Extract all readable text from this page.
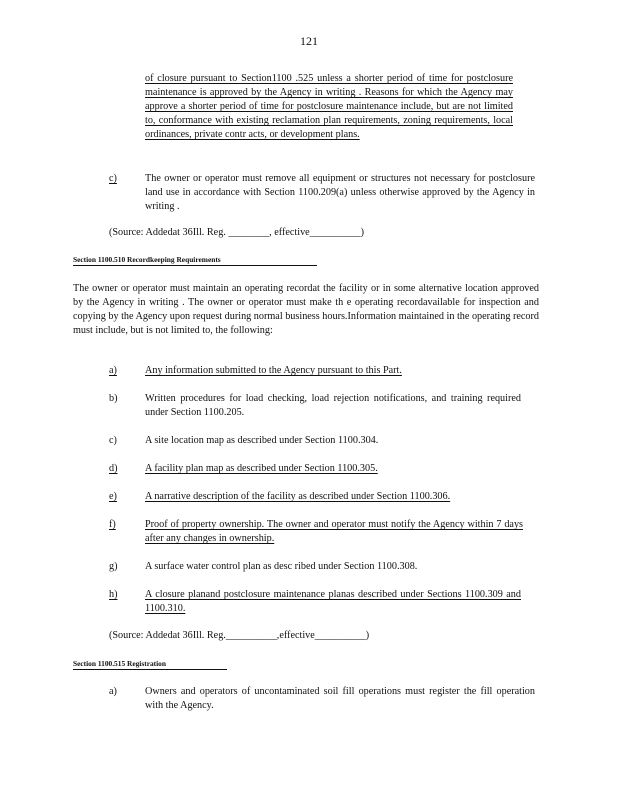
121
of closure pursuant to Section1100 .525 unless a shorter period of time for postclosure maintenance is approved by the Agency in writing . Reasons for which the Agency may approve a shorter period of time for postclosure maintenance include, but are not limited to, conformance with existing reclamation plan requirements, zoning requirements, local ordinances, private contr acts, or development plans.
c)	The owner or operator must remove all equipment or structures not necessary for postclosure land use in accordance with Section 1100.209(a) unless otherwise approved by the Agency in writing .
(Source: Addedat 36Ill. Reg. ________, effective__________)
Section 1100.510 Recordkeeping Requirements
The owner or operator must maintain an operating recordat the facility or in some alternative location approved by the Agency in writing . The owner or operator must make th e operating recordavailable for inspection and copying by the Agency upon request during normal business hours.Information maintained in the operating record must include, but is not limited to, the following:
a)	Any information submitted to the Agency pursuant to this Part.
b)	Written procedures for load checking, load rejection notifications, and training required under Section 1100.205.
c)	A site location map as described under Section 1100.304.
d)	A facility plan map as described under Section 1100.305.
e)	A narrative description of the facility as described under Section 1100.306.
f)	Proof of property ownership. The owner and operator must notify the Agency within 7 days after any changes in ownership.
g)	A surface water control plan as desc ribed under Section 1100.308.
h)	A closure planand postclosure maintenance planas described under Sections 1100.309 and 1100.310.
(Source: Addedat 36Ill. Reg.__________,effective__________)
Section 1100.515 Registration
a)	Owners and operators of uncontaminated soil fill operations must register the fill operation with the Agency.
